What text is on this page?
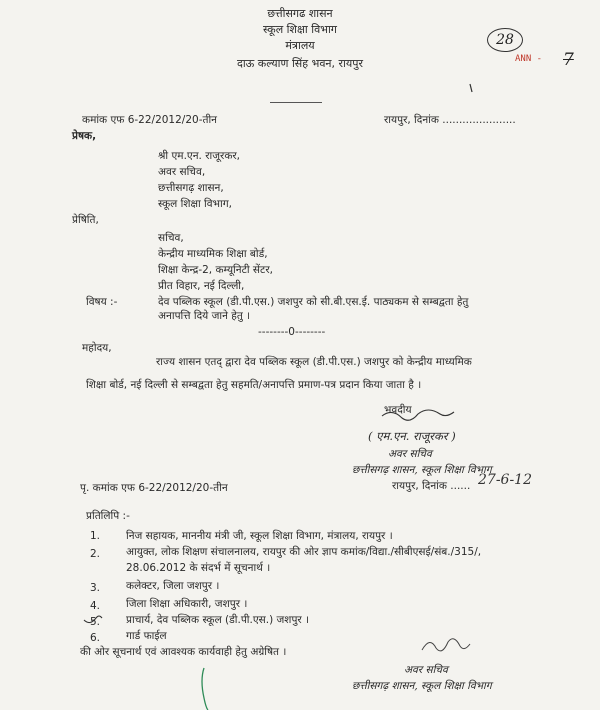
छत्तीसगढ शासन
स्कूल शिक्षा विभाग
मंत्रालय
दाऊ कल्याण सिंह भवन, रायपुर
28
ANN - 7
कमांक एफ 6-22/2012/20-तीन	रायपुर, दिनांक ......................
प्रेषक,
श्री एम.एन. राजूरकर,
अवर सचिव,
छत्तीसगढ़ शासन,
स्कूल शिक्षा विभाग,
प्रेषिति,
सचिव,
केन्द्रीय माध्यमिक शिक्षा बोर्ड,
शिक्षा केन्द्र-2, कम्यूनिटी सेंटर,
प्रीत विहार, नई दिल्ली,
विषय :-	देव पब्लिक स्कूल (डी.पी.एस.) जशपुर को सी.बी.एस.ई. पाठ्यकम से सम्बद्वता हेतु
अनापत्ति दिये जाने हेतु ।
--------0--------
महोदय,
राज्य शासन एतद् द्वारा देव पब्लिक स्कूल (डी.पी.एस.) जशपुर को केन्द्रीय माध्यमिक
शिक्षा बोर्ड, नई दिल्ली से सम्बद्वता हेतु सहमति/अनापत्ति प्रमाण-पत्र प्रदान किया जाता है ।
भवदीय
( एम.एन. राजूरकर )
अवर सचिव
छत्तीसगढ़ शासन, स्कूल शिक्षा विभाग
पृ. कमांक एफ 6-22/2012/20-तीन	रायपुर, दिनांक ...... 27-6-12
प्रतिलिपि :-
1. निज सहायक, माननीय मंत्री जी, स्कूल शिक्षा विभाग, मंत्रालय, रायपुर ।
2. आयुक्त, लोक शिक्षण संचालनालय, रायपुर की ओर ज्ञाप कमांक/विद्या./सीबीएसई/संब./315/,
28.06.2012 के संदर्भ में सूचनार्थ ।
3. कलेक्टर, जिला जशपुर ।
4. जिला शिक्षा अधिकारी, जशपुर ।
5. प्राचार्य, देव पब्लिक स्कूल (डी.पी.एस.) जशपुर ।
6. गार्ड फाईल
की ओर सूचनार्थ एवं आवश्यक कार्यवाही हेतु अग्रेषित ।
अवर सचिव
छत्तीसगढ़ शासन, स्कूल शिक्षा विभाग
